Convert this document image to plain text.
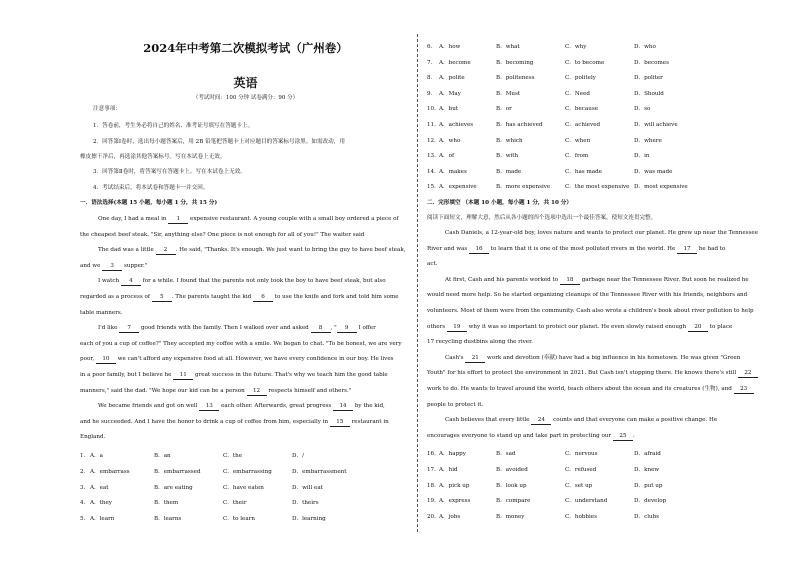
2024年中考第二次模拟考试（广州卷）
英语
（考试时间：100 分钟 试卷满分：90 分）
注意事项：
1．答卷前，考生务必将自己的姓名、准考证号填写在答题卡上。
2．回答第Ⅰ卷时，选出每小题答案后，用 2B 铅笔把答题卡上对应题目的答案标号涂黑。如需改动，用
橡皮擦干净后，再选涂其他答案标号。写在本试卷上无效。
3．回答第Ⅱ卷时，将答案写在答题卡上。写在本试卷上无效。
4．考试结束后，将本试卷和答题卡一并交回。
一．语法选择(本题 15 小题，每小题 1 分，共 15 分)
One day, I had a meal in 1 expensive restaurant. A young couple with a small boy ordered a piece of
the cheapest beef steak. "Sir, anything else? One piece is not enough for all of you!" The waiter said
The dad was a little 2 . He said, "Thanks. It's enough. We just want to bring the guy to have beef steak,
and we 3 supper."
I watch 4 for a while. I found that the parents not only took the boy to have beef steak, but also
regarded as a process of 5 . The parents taught the kid 6 to use the knife and fork and told him some
table manners.
I'd like 7 good friends with the family. Then I walked over and asked 8 , " 9 I offer
each of you a cup of coffee?" They accepted my coffee with a smile. We began to chat. "To be honest, we are very
poor, 10 we can't afford any expensive food at all. However, we have every confidence in our boy. He lives
in a poor family, but I believe he 11 great success in the future. That's why we teach him the good table
manners," said the dad. "We hope our kid can be a person 12 respects himself and others."
We became friends and got on well 13 each other. Afterwards, great progress 14 by the kid,
and he succeeded. And I have the honor to drink a cup of coffee from him, especially in 15 restaurant in
England.
1． A．a	B．an	C．the	D．/
2． A．embarrass	B．embarrassed	C．embarrassing	D．embarrassment
3． A．eat	B．are eating	C．have eaten	D．will eat
4． A．they	B．them	C．their	D．theirs
5． A．learn	B．learns	C．to learn	D．learning
6． A．how	B．what	C．why	D．who
7． A．become	B．becoming	C．to become	D．becomes
8． A．polite	B．politeness	C．politely	D．politer
9． A．May	B．Must	C．Need	D．Should
10． A．but	B．or	C．because	D．so
11． A．achieves	B．has achieved	C．achieved	D．will achieve
12． A．who	B．which	C．when	D．where
13． A．of	B．with	C．from	D．in
14． A．makes	B．made	C．has made	D．was made
15． A．expensive	B．more expensive	C．the most expensive D．most expensive
二．完形填空 （本题 10 小题，每小题 1 分，共 10 分）
阅读下面短文，理解大意，然后从各小题的四个选项中选出一个最佳答案，使短文连贯完整。
Cash Daniels, a 12-year-old boy, loves nature and wants to protect our planet. He grew up near the Tennessee
River and was 16 to learn that it is one of the most polluted rivers in the world. He 17 he had to
act.
At first, Cash and his parents worked to 18 garbage near the Tennessee River. But soon he realized he
would need more help. So he started organizing cleanups of the Tennessee River with his friends, neighbors and
volunteers. Most of them were from the community. Cash also wrote a children's book about river pollution to help
others 19 why it was so important to protect our planet. He even slowly raised enough 20 to place
17 recycling dustbins along the river.
Cash's 21 work and devotion (奉献) have had a big influence in his hometown. He was given "Green
Youth" for his effort to protect the environment in 2021. But Cash isn't stopping there. He knows there's still 22
work to do. He wants to travel around the world, teach others about the ocean and its creatures (生物), and 23
people to protect it.
Cash believes that every little 24 counts and that everyone can make a positive change. He
encourages everyone to stand up and take part in protecting our 25 .
16． A．happy	B．sad	C．nervous	D．afraid
17． A．hid	B．avoided	C．refused	D．knew
18． A．pick up	B．look up	C．set up	D．put up
19． A．express	B．compare	C．understand	D．develop
20． A．jobs	B．money	C．hobbies	D．clubs
